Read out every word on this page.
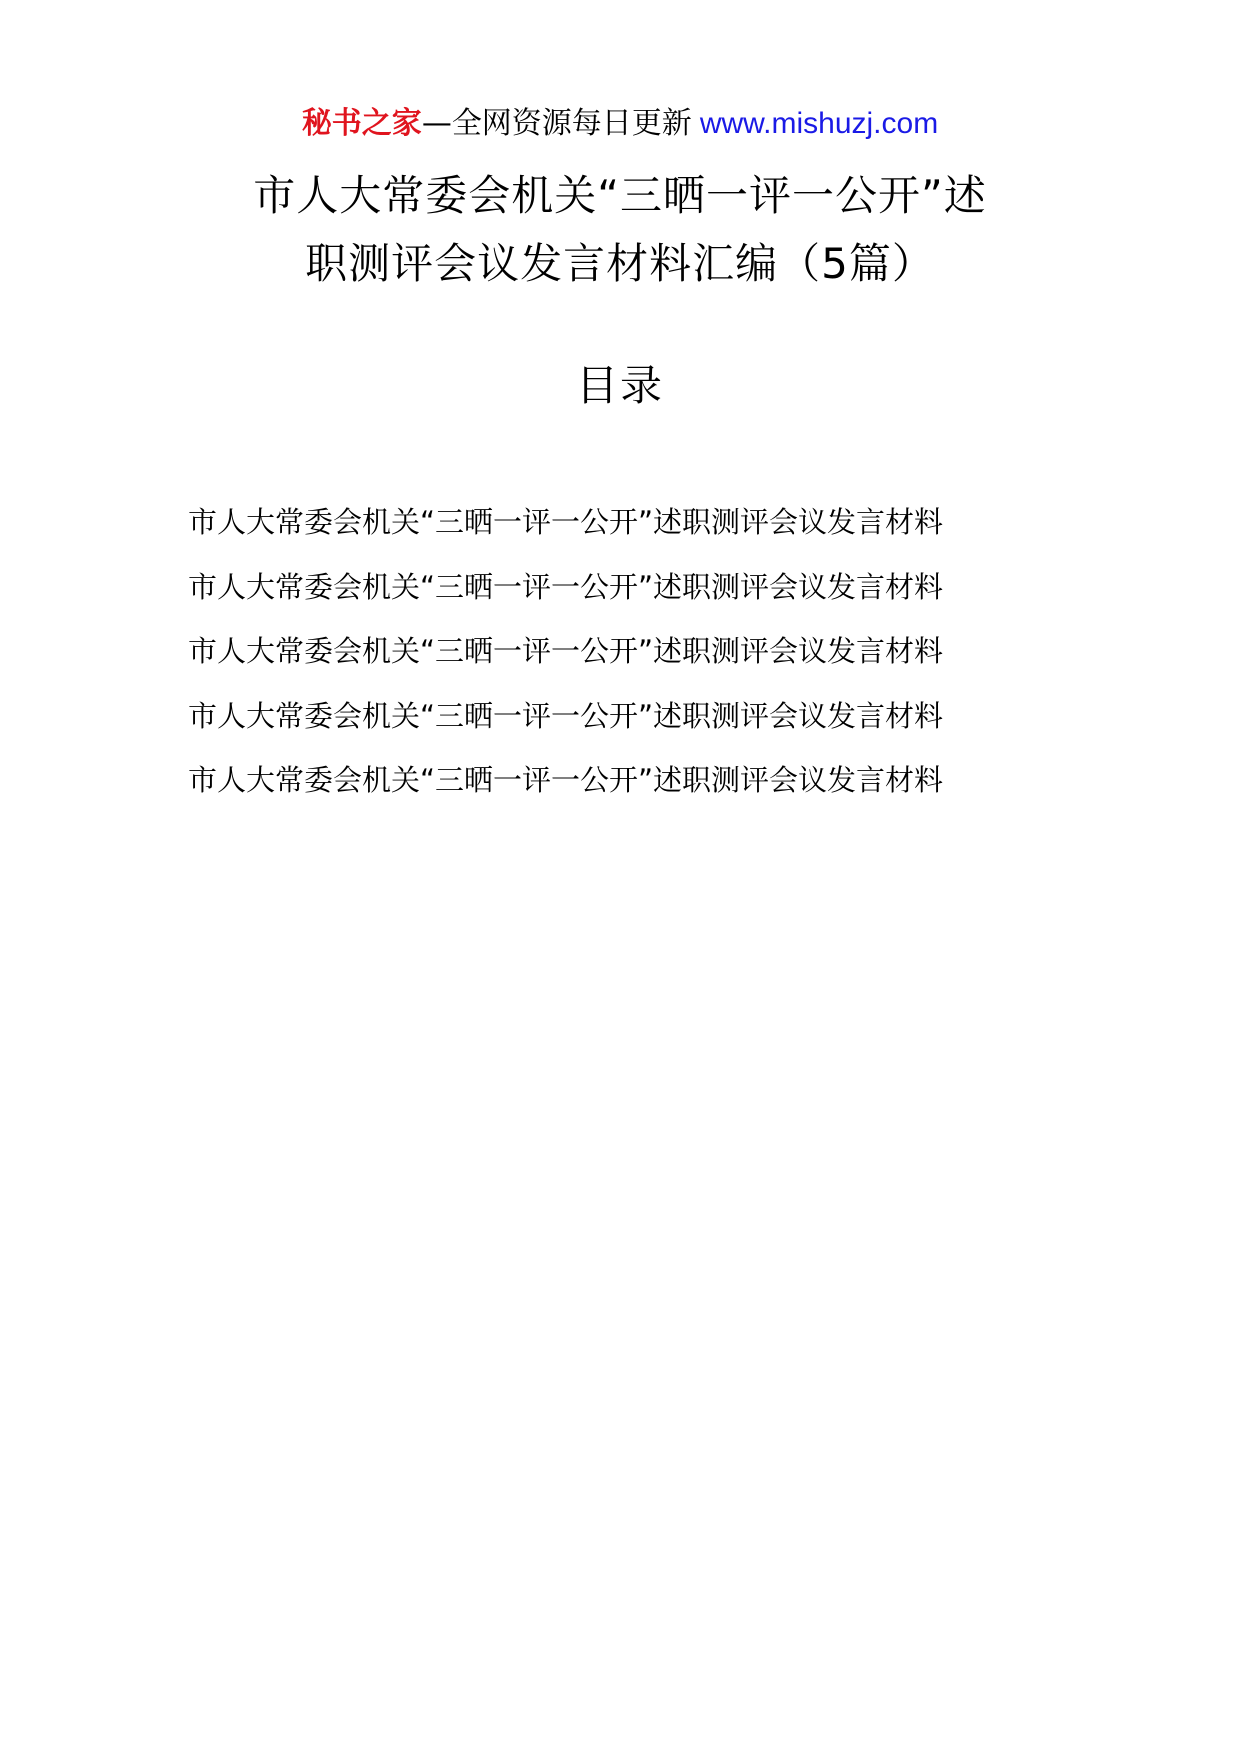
秘书之家 —全网资源每日更新 www.mishuzj.com
市人大常委会机关“三晒一评一公开”述
职测评会议发言材料汇编（5篇）
目录
市人大常委会机关“三晒一评一公开”述职测评会议发言材料
市人大常委会机关“三晒一评一公开”述职测评会议发言材料
市人大常委会机关“三晒一评一公开”述职测评会议发言材料
市人大常委会机关“三晒一评一公开”述职测评会议发言材料
市人大常委会机关“三晒一评一公开”述职测评会议发言材料
